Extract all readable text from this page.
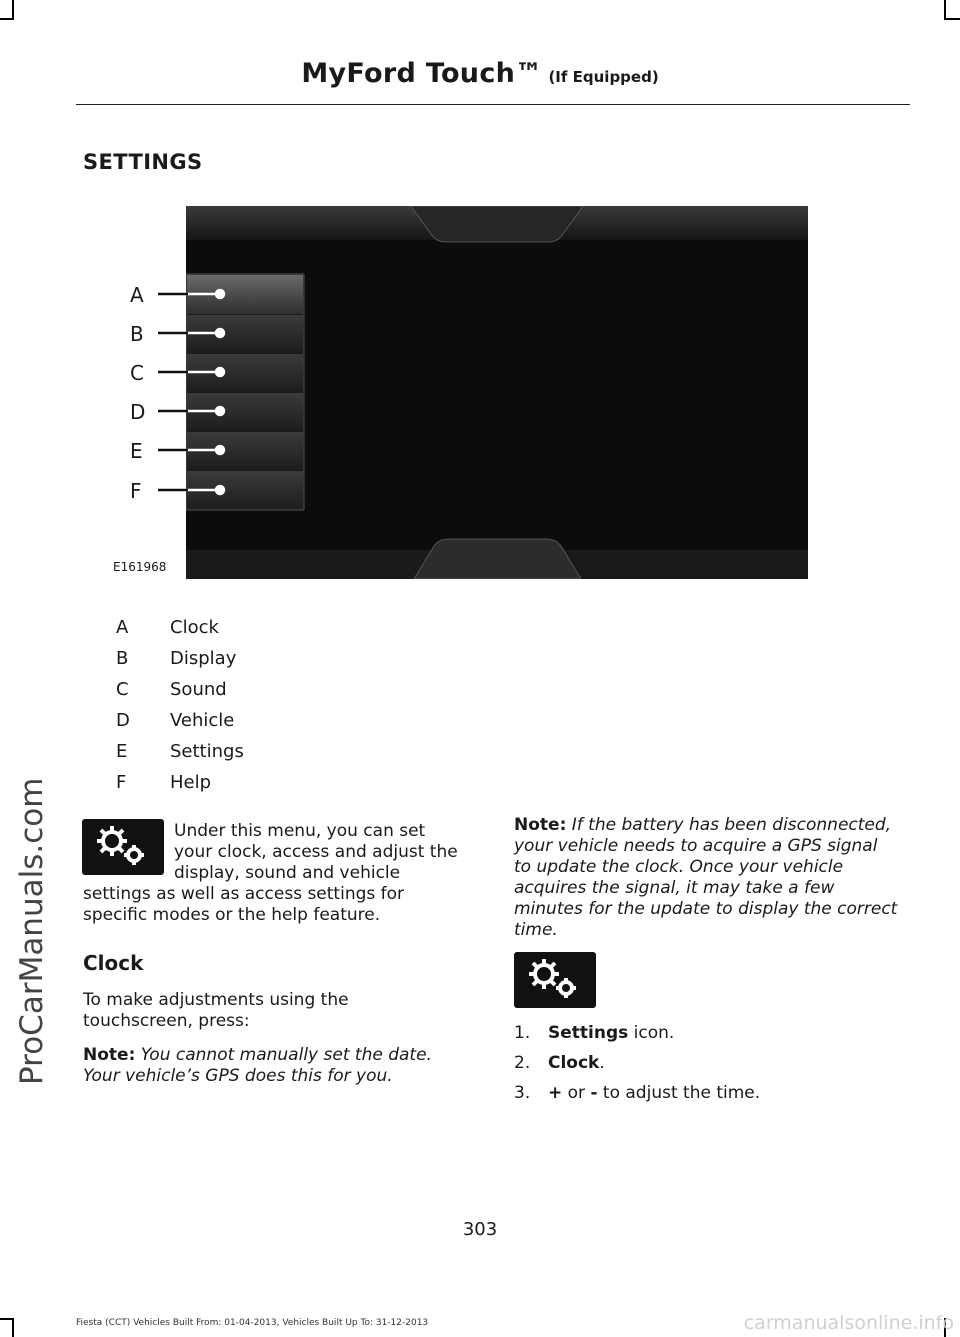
MyFord Touch™ (If Equipped)
ProCarManuals.com
SETTINGS
A
B
C
D
E
F
E161968
A	Clock
B	Display
C	Sound
D	Vehicle
E	Settings
F	Help
Under this menu, you can set
your clock, access and adjust the
display, sound and vehicle
settings as well as access settings for
specific modes or the help feature.
Clock
To make adjustments using the
touchscreen, press:
Note: You cannot manually set the date.
Your vehicle’s GPS does this for you.
Note: If the battery has been disconnected,
your vehicle needs to acquire a GPS signal
to update the clock. Once your vehicle
acquires the signal, it may take a few
minutes for the update to display the correct
time.
1.	Settings icon.
2.	Clock.
3.	+ or - to adjust the time.
303
Fiesta (CCT) Vehicles Built From: 01-04-2013, Vehicles Built Up To: 31-12-2013	carmanualsonline.info
